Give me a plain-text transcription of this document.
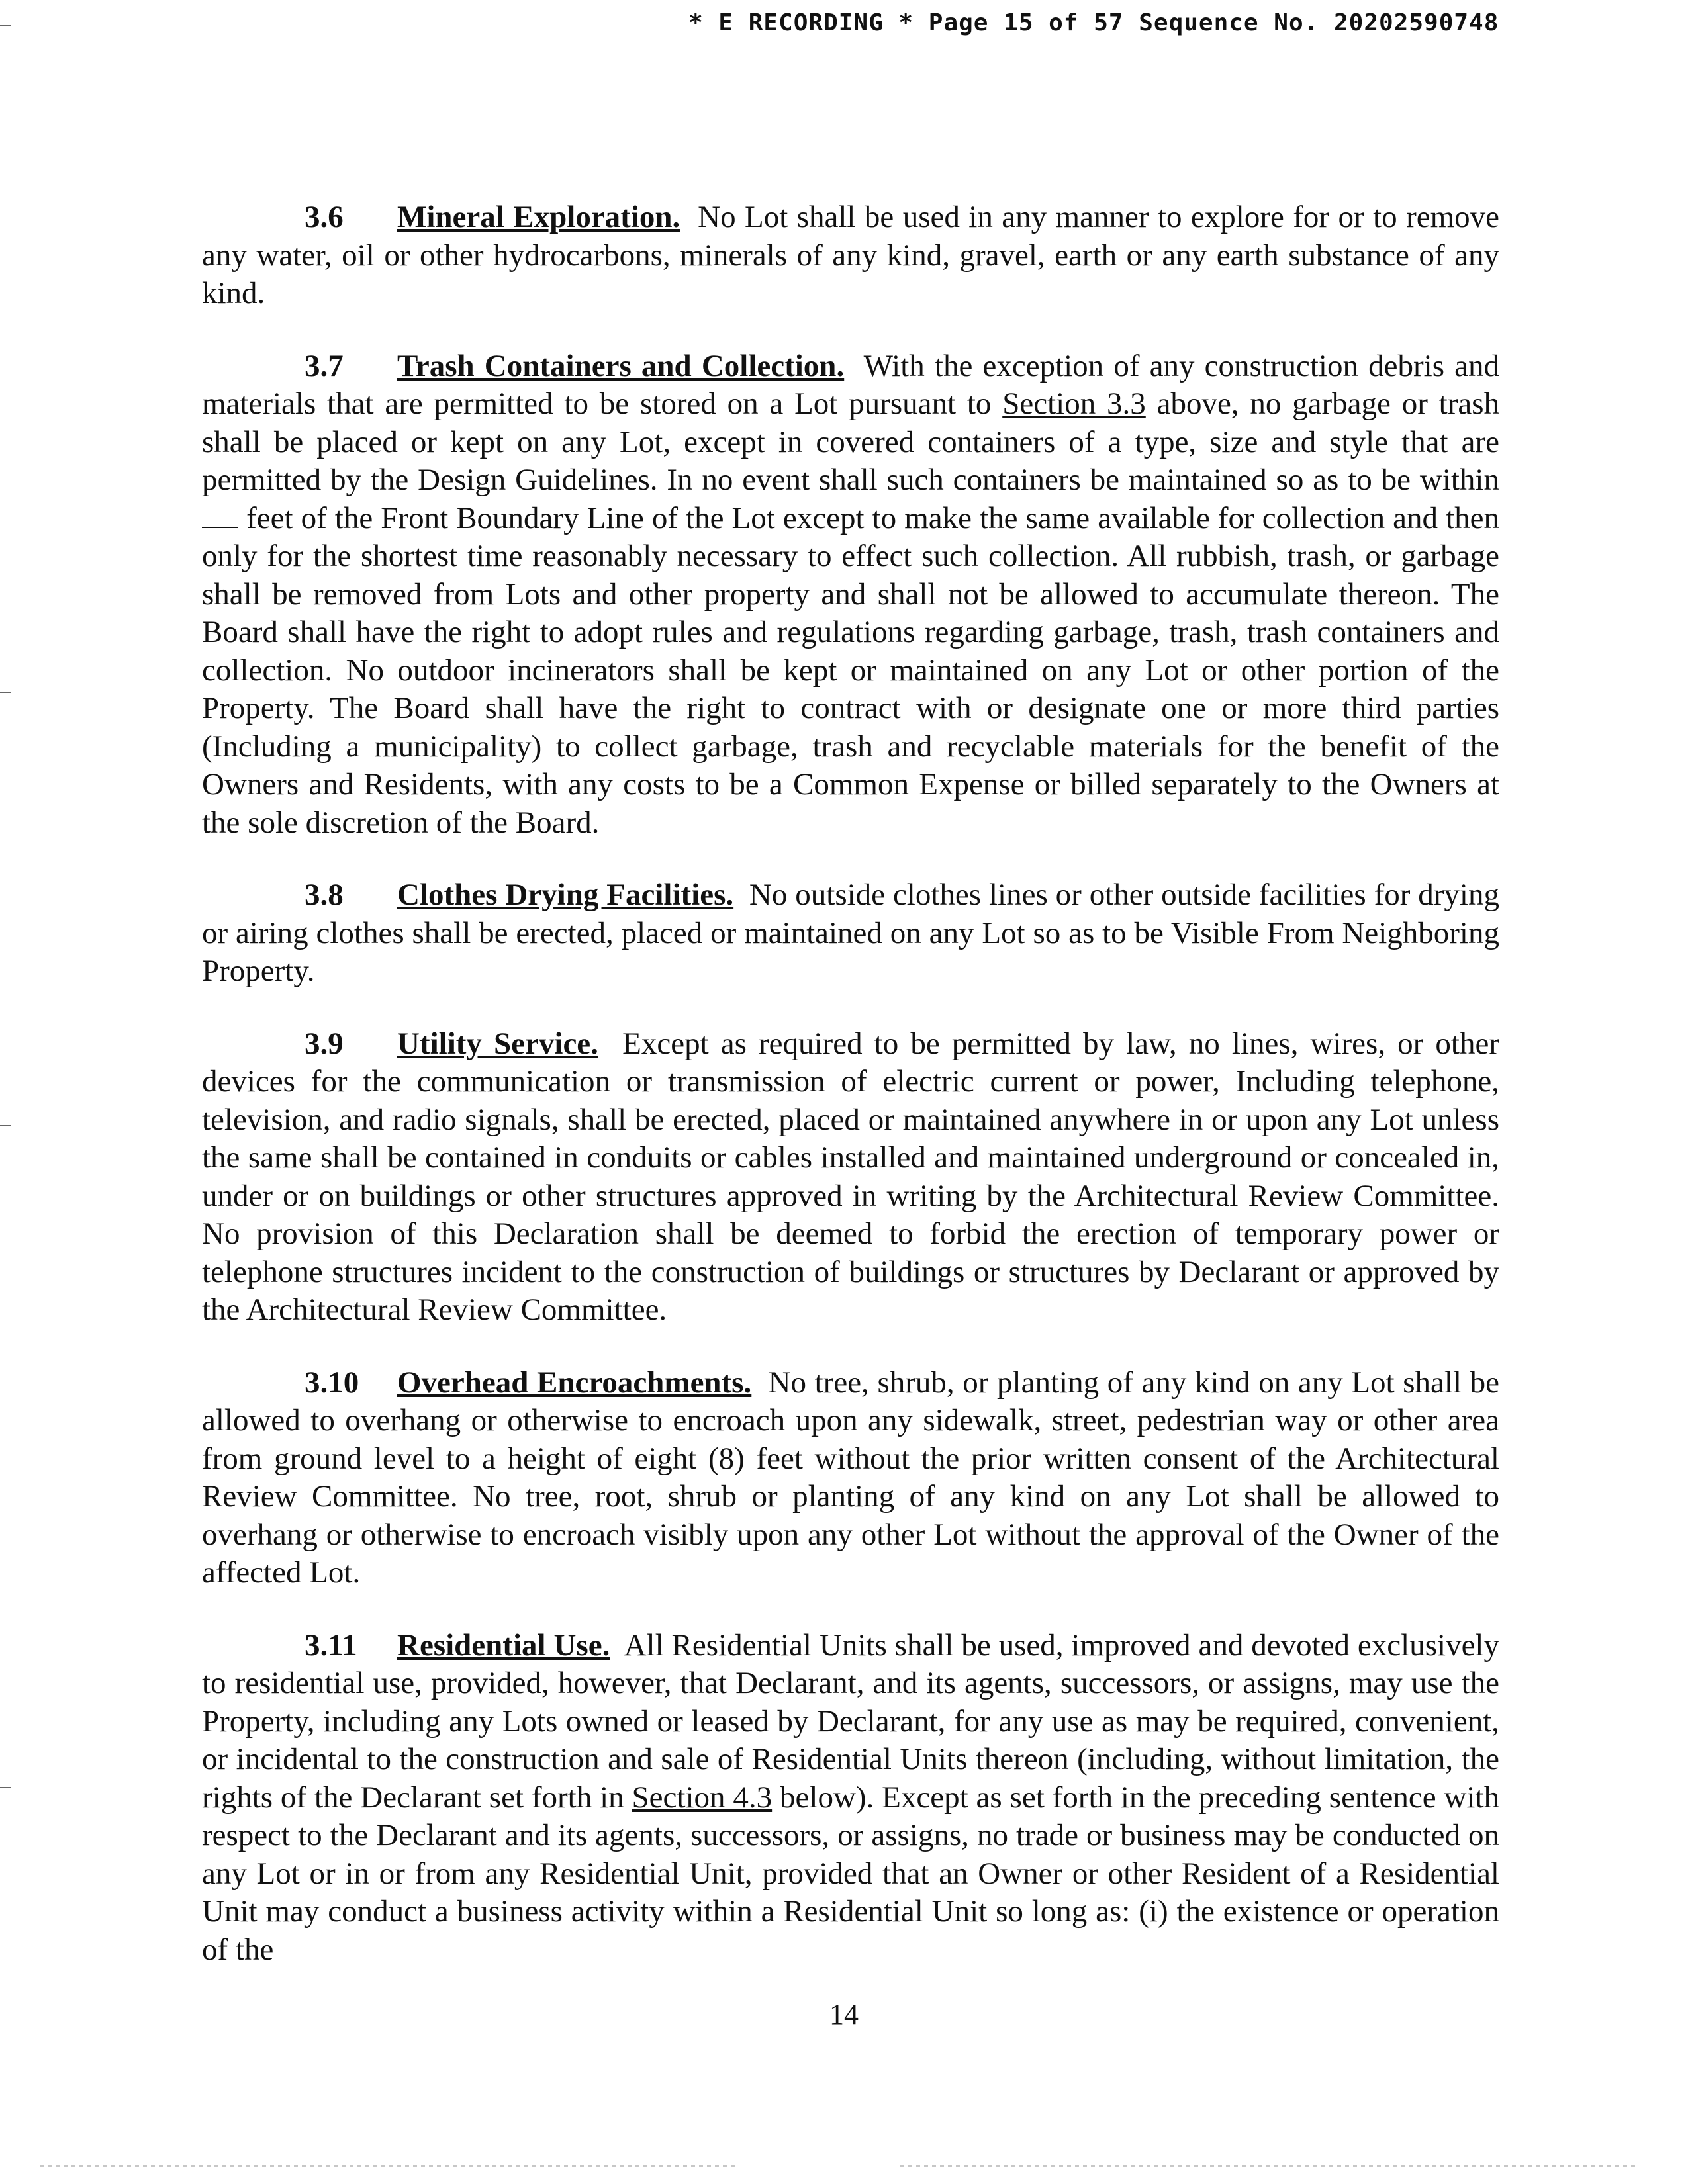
* E RECORDING * Page 15 of 57 Sequence No. 20202590748

3.6 Mineral Exploration. No Lot shall be used in any manner to explore for or to remove any water, oil or other hydrocarbons, minerals of any kind, gravel, earth or any earth substance of any kind.

3.7 Trash Containers and Collection. With the exception of any construction debris and materials that are permitted to be stored on a Lot pursuant to Section 3.3 above, no garbage or trash shall be placed or kept on any Lot, except in covered containers of a type, size and style that are permitted by the Design Guidelines. In no event shall such containers be maintained so as to be within  feet of the Front Boundary Line of the Lot except to make the same available for collection and then only for the shortest time reasonably necessary to effect such collection. All rubbish, trash, or garbage shall be removed from Lots and other property and shall not be allowed to accumulate thereon. The Board shall have the right to adopt rules and regulations regarding garbage, trash, trash containers and collection. No outdoor incinerators shall be kept or maintained on any Lot or other portion of the Property. The Board shall have the right to contract with or designate one or more third parties (Including a municipality) to collect garbage, trash and recyclable materials for the benefit of the Owners and Residents, with any costs to be a Common Expense or billed separately to the Owners at the sole discretion of the Board.

3.8 Clothes Drying Facilities. No outside clothes lines or other outside facilities for drying or airing clothes shall be erected, placed or maintained on any Lot so as to be Visible From Neighboring Property.

3.9 Utility Service. Except as required to be permitted by law, no lines, wires, or other devices for the communication or transmission of electric current or power, Including telephone, television, and radio signals, shall be erected, placed or maintained anywhere in or upon any Lot unless the same shall be contained in conduits or cables installed and maintained underground or concealed in, under or on buildings or other structures approved in writing by the Architectural Review Committee. No provision of this Declaration shall be deemed to forbid the erection of temporary power or telephone structures incident to the construction of buildings or structures by Declarant or approved by the Architectural Review Committee.

3.10 Overhead Encroachments. No tree, shrub, or planting of any kind on any Lot shall be allowed to overhang or otherwise to encroach upon any sidewalk, street, pedestrian way or other area from ground level to a height of eight (8) feet without the prior written consent of the Architectural Review Committee. No tree, root, shrub or planting of any kind on any Lot shall be allowed to overhang or otherwise to encroach visibly upon any other Lot without the approval of the Owner of the affected Lot.

3.11 Residential Use. All Residential Units shall be used, improved and devoted exclusively to residential use, provided, however, that Declarant, and its agents, successors, or assigns, may use the Property, including any Lots owned or leased by Declarant, for any use as may be required, convenient, or incidental to the construction and sale of Residential Units thereon (including, without limitation, the rights of the Declarant set forth in Section 4.3 below). Except as set forth in the preceding sentence with respect to the Declarant and its agents, successors, or assigns, no trade or business may be conducted on any Lot or in or from any Residential Unit, provided that an Owner or other Resident of a Residential Unit may conduct a business activity within a Residential Unit so long as: (i) the existence or operation of the

14
